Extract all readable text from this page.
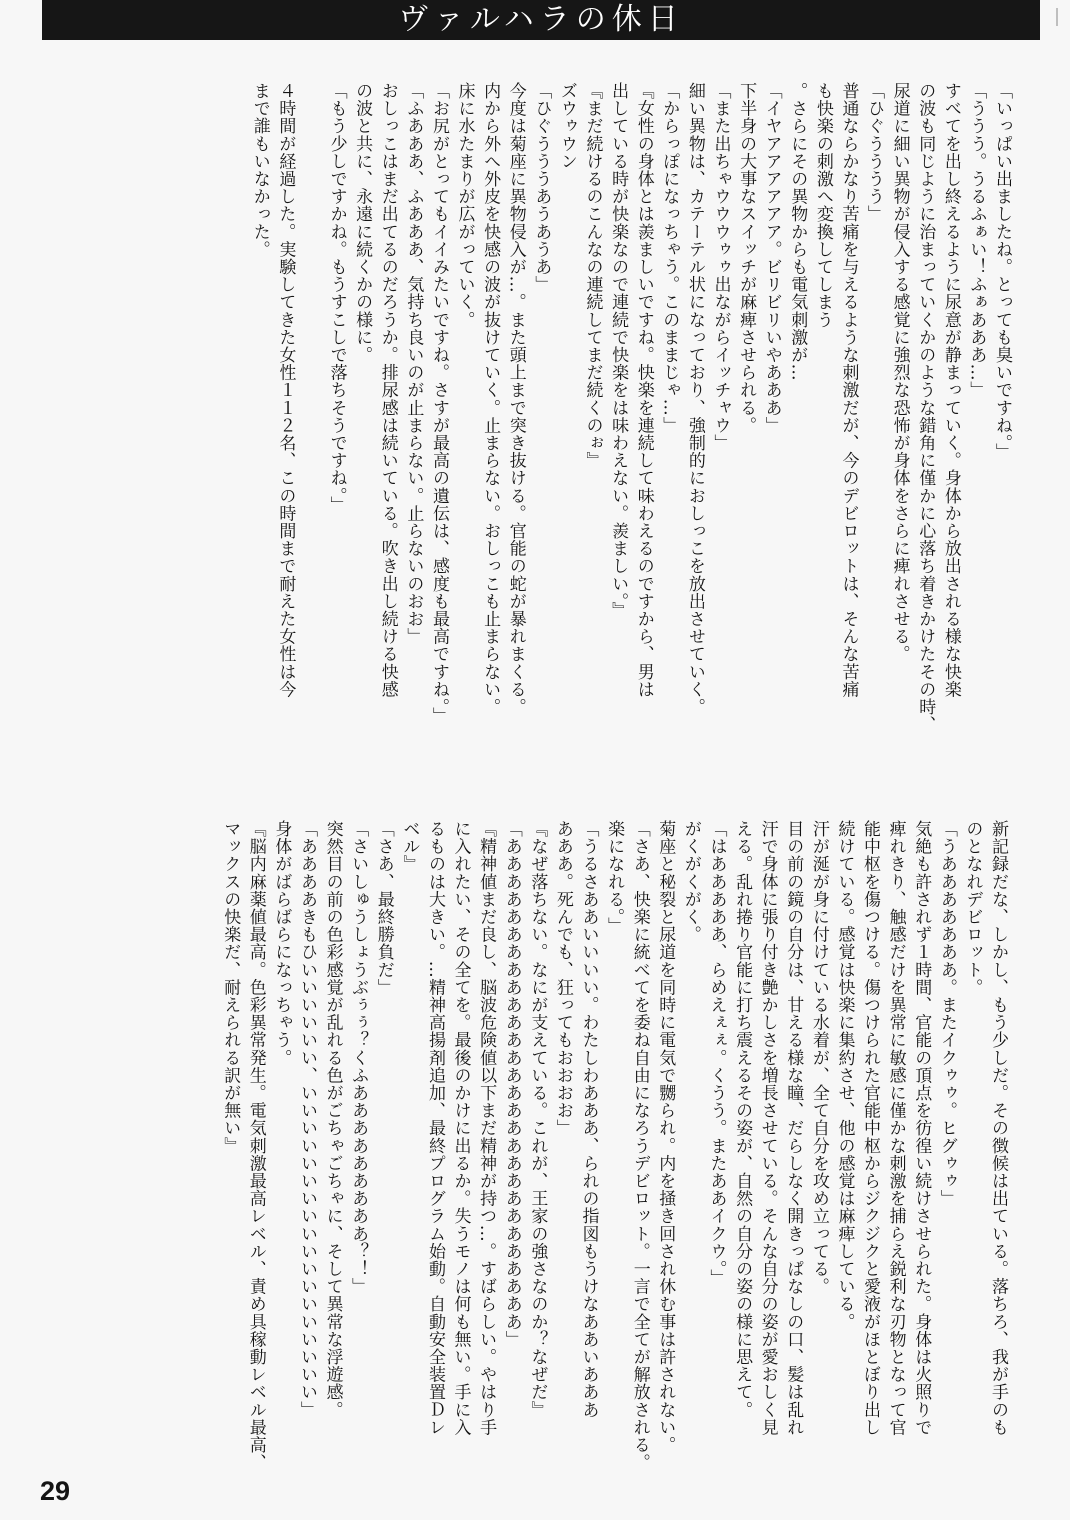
ヴァルハラの休日
「いっぱい出ましたね。とっても臭いですね。」
「ううう。うるふぁい！ふぁあああ…」
すべてを出し終えるように尿意が静まっていく。身体から放出される様な快楽
の波も同じように治まっていくかのような錯角に僅かに心落ち着きかけたその時、
尿道に細い異物が侵入する感覚に強烈な恐怖が身体をさらに痺れさせる。
「ひぐうううう」
普通ならかなり苦痛を与えるような刺激だが、今のデビロットは、そんな苦痛
も快楽の刺激へ変換してしまう
。さらにその異物からも電気刺激が…
「イヤアアアアアア。ビリビリいやあああ」
下半身の大事なスイッチが麻痺させられる。
「また出ちゃウウウゥゥ出ながらイッチャウ」
細い異物は、カテーテル状になっており、強制的におしっこを放出させていく。
「からっぽになっちゃう。このままじゃ…」
『女性の身体とは羨ましいですね。快楽を連続して味わえるのですから、男は
出している時が快楽なので連続で快楽をは味わえない。羨ましい。』
『まだ続けるのこんなの連続してまだ続くのぉ』
ズウゥウン
「ひぐうううあうあうあ」
今度は菊座に異物侵入が…。また頭上まで突き抜ける。官能の蛇が暴れまくる。
内から外へ外皮を快感の波が抜けていく。止まらない。おしっこも止まらない。
床に水たまりが広がっていく。
「お尻がとってもイイみたいですね。さすが最高の遺伝は、感度も最高ですね。」
「ふあああ、ふあああ、気持ち良いのが止まらない。止らないのおお」
おしっこはまだ出てるのだろうか。排尿感は続いている。吹き出し続ける快感
の波と共に、永遠に続くかの様に。
「もう少しですかね。もうすこしで落ちそうですね。」

４時間が経過した。実験してきた女性１１２名、この時間まで耐えた女性は今
まで誰もいなかった。
新記録だな、しかし、もう少しだ。その徴候は出ている。落ちろ、我が手のも
のとなれデビロット。
「うあああああああ。またイクゥゥ。ヒグゥゥ」
気絶も許されず１時間、官能の頂点を彷徨い続けさせられた。身体は火照りで
痺れきり、触感だけを異常に敏感に僅かな刺激を捕らえ鋭利な刃物となって官
能中枢を傷つける。傷つけられた官能中枢からジクジクと愛液がほとぼり出し
続けている。感覚は快楽に集約させ、他の感覚は麻痺している。
汗が涎が身に付けている水着が、全て自分を攻め立ってる。
目の前の鏡の自分は、甘える様な瞳、だらしなく開きっぱなしの口、髪は乱れ
汗で身体に張り付き艶かしさを増長させている。そんな自分の姿が愛おしく見
える。乱れ捲り官能に打ち震えるその姿が、自然の自分の姿の様に思えて。
「はあああああ、らめえぇぇ。くうう。またああイクウ。」
がくがくがく。
菊座と秘裂と尿道を同時に電気で嬲られ。内を掻き回され休む事は許されない。
「さあ、快楽に統べてを委ね自由になろうデビロット。一言で全てが解放される。
楽になれる。」
「うるさああいいいい。わたしわあああ、られの指図もうけなああいあああ
あああ。死んでも、狂ってもおおおお」
『なぜ落ちない。なにが支えている。これが、王家の強さなのか？なぜだ』
「ああああああああああああああああああああああああああああ」
『精神値まだ良し、脳波危険値以下まだ精神が持つ…。すばらしい。やはり手
に入れたい、その全てを。最後のかけに出るか。失うモノは何も無い。手に入
るものは大きい。…精神高揚剤追加、最終プログラム始動。自動安全装置Ｄレ
ベル』
「さあ、最終勝負だ」
「さいしゅうしょうぶぅぅ？くふあああああああああ？！」
突然目の前の色彩感覚が乱れる色がごちゃごちゃに、そして異常な浮遊感。
「ああああきもひいいいいいい、いいいいいいいいいいいいいいいいいい」
身体がばらばらになっちゃう。
『脳内麻薬値最高。色彩異常発生。電気刺激最高レベル、責め具稼動レベル最高、
マックスの快楽だ、耐えられる訳が無い』
29
